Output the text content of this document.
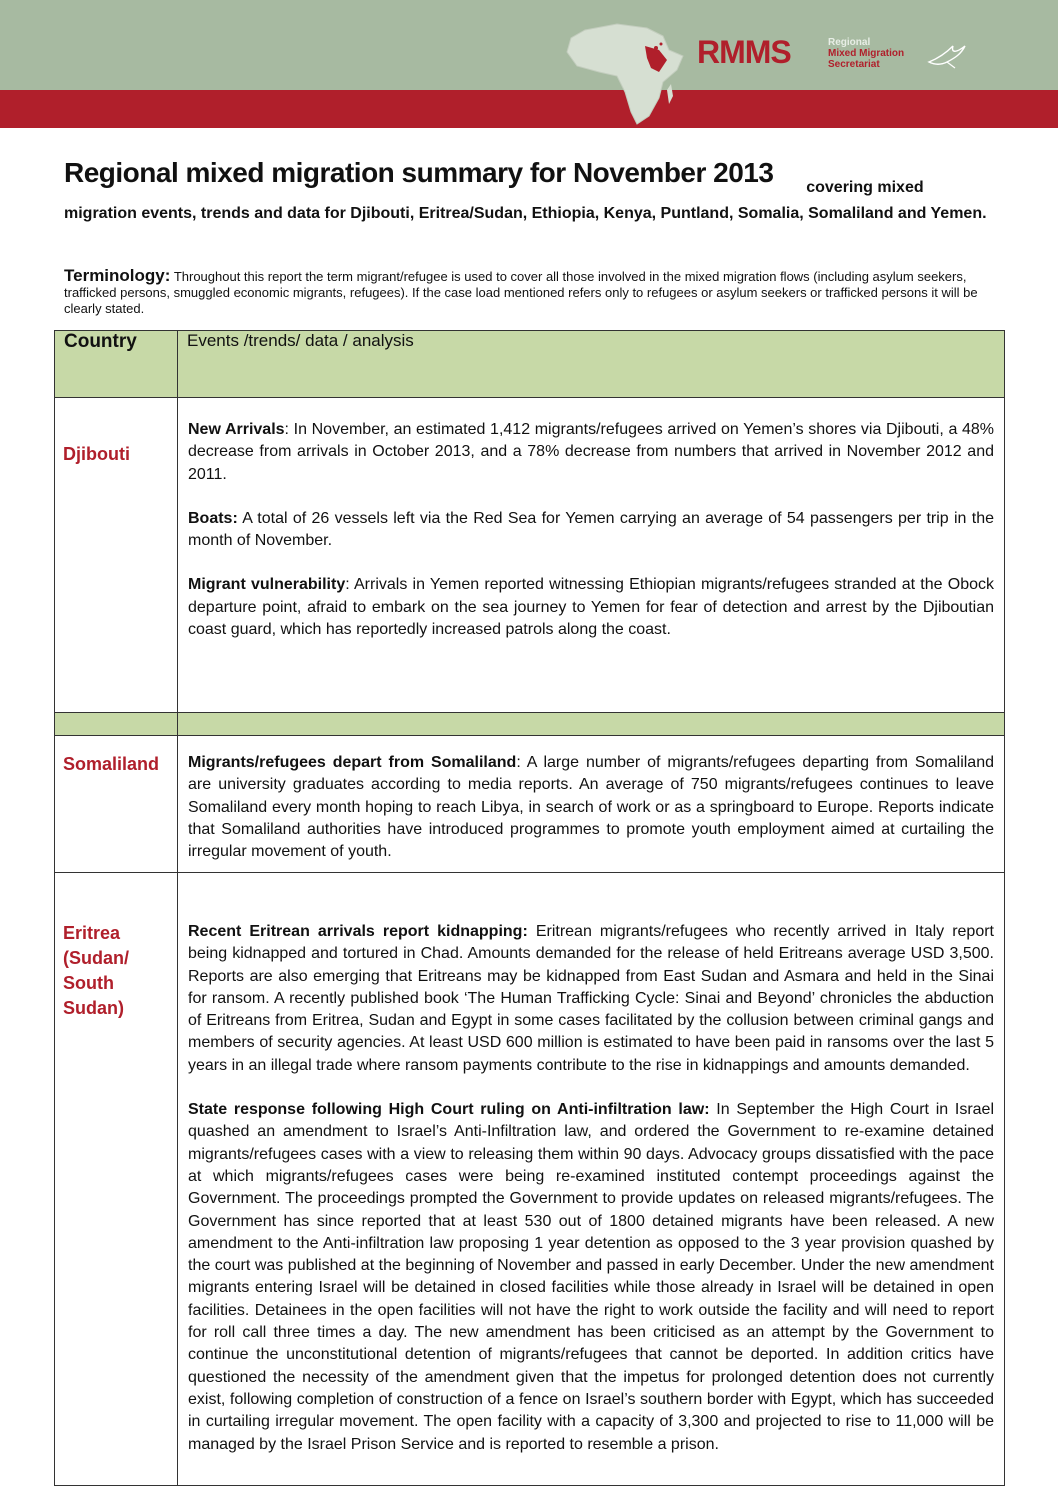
RMMS	Regional
Mixed Migration
Secretariat
Regional mixed migration summary for November 2013	covering mixed migration events, trends and data for Djibouti, Eritrea/Sudan, Ethiopia, Kenya, Puntland, Somalia, Somaliland and Yemen.
Terminology: Throughout this report the term migrant/refugee is used to cover all those involved in the mixed migration flows (including asylum seekers, trafficked persons, smuggled economic migrants, refugees). If the case load mentioned refers only to refugees or asylum seekers or trafficked persons it will be clearly stated.
Country	Events /trends/ data / analysis

Djibouti	New Arrivals: In November, an estimated 1,412 migrants/refugees arrived on Yemen’s shores via Djibouti, a 48% decrease from arrivals in October 2013, and a 78% decrease from numbers that arrived in November 2012 and 2011.

Boats: A total of 26 vessels left via the Red Sea for Yemen carrying an average of 54 passengers per trip in the month of November.

Migrant vulnerability: Arrivals in Yemen reported witnessing Ethiopian migrants/refugees stranded at the Obock departure point, afraid to embark on the sea journey to Yemen for fear of detection and arrest by the Djiboutian coast guard, which has reportedly increased patrols along the coast.

Somaliland	Migrants/refugees depart from Somaliland: A large number of migrants/refugees departing from Somaliland are university graduates according to media reports. An average of 750 migrants/refugees continues to leave Somaliland every month hoping to reach Libya, in search of work or as a springboard to Europe. Reports indicate that Somaliland authorities have introduced programmes to promote youth employment aimed at curtailing the irregular movement of youth.

Eritrea (Sudan/ South Sudan)	Recent Eritrean arrivals report kidnapping: Eritrean migrants/refugees who recently arrived in Italy report being kidnapped and tortured in Chad. Amounts demanded for the release of held Eritreans average USD 3,500. Reports are also emerging that Eritreans may be kidnapped from East Sudan and Asmara and held in the Sinai for ransom. A recently published book ‘The Human Trafficking Cycle: Sinai and Beyond’ chronicles the abduction of Eritreans from Eritrea, Sudan and Egypt in some cases facilitated by the collusion between criminal gangs and members of security agencies. At least USD 600 million is estimated to have been paid in ransoms over the last 5 years in an illegal trade where ransom payments contribute to the rise in kidnappings and amounts demanded.

State response following High Court ruling on Anti-infiltration law: In September the High Court in Israel quashed an amendment to Israel’s Anti-Infiltration law, and ordered the Government to re-examine detained migrants/refugees cases with a view to releasing them within 90 days. Advocacy groups dissatisfied with the pace at which migrants/refugees cases were being re-examined instituted contempt proceedings against the Government. The proceedings prompted the Government to provide updates on released migrants/refugees. The Government has since reported that at least 530 out of 1800 detained migrants have been released. A new amendment to the Anti-infiltration law proposing 1 year detention as opposed to the 3 year provision quashed by the court was published at the beginning of November and passed in early December. Under the new amendment migrants entering Israel will be detained in closed facilities while those already in Israel will be detained in open facilities. Detainees in the open facilities will not have the right to work outside the facility and will need to report for roll call three times a day. The new amendment has been criticised as an attempt by the Government to continue the unconstitutional detention of migrants/refugees that cannot be deported. In addition critics have questioned the necessity of the amendment given that the impetus for prolonged detention does not currently exist, following completion of construction of a fence on Israel’s southern border with Egypt, which has succeeded in curtailing irregular movement. The open facility with a capacity of 3,300 and projected to rise to 11,000 will be managed by the Israel Prison Service and is reported to resemble a prison.
